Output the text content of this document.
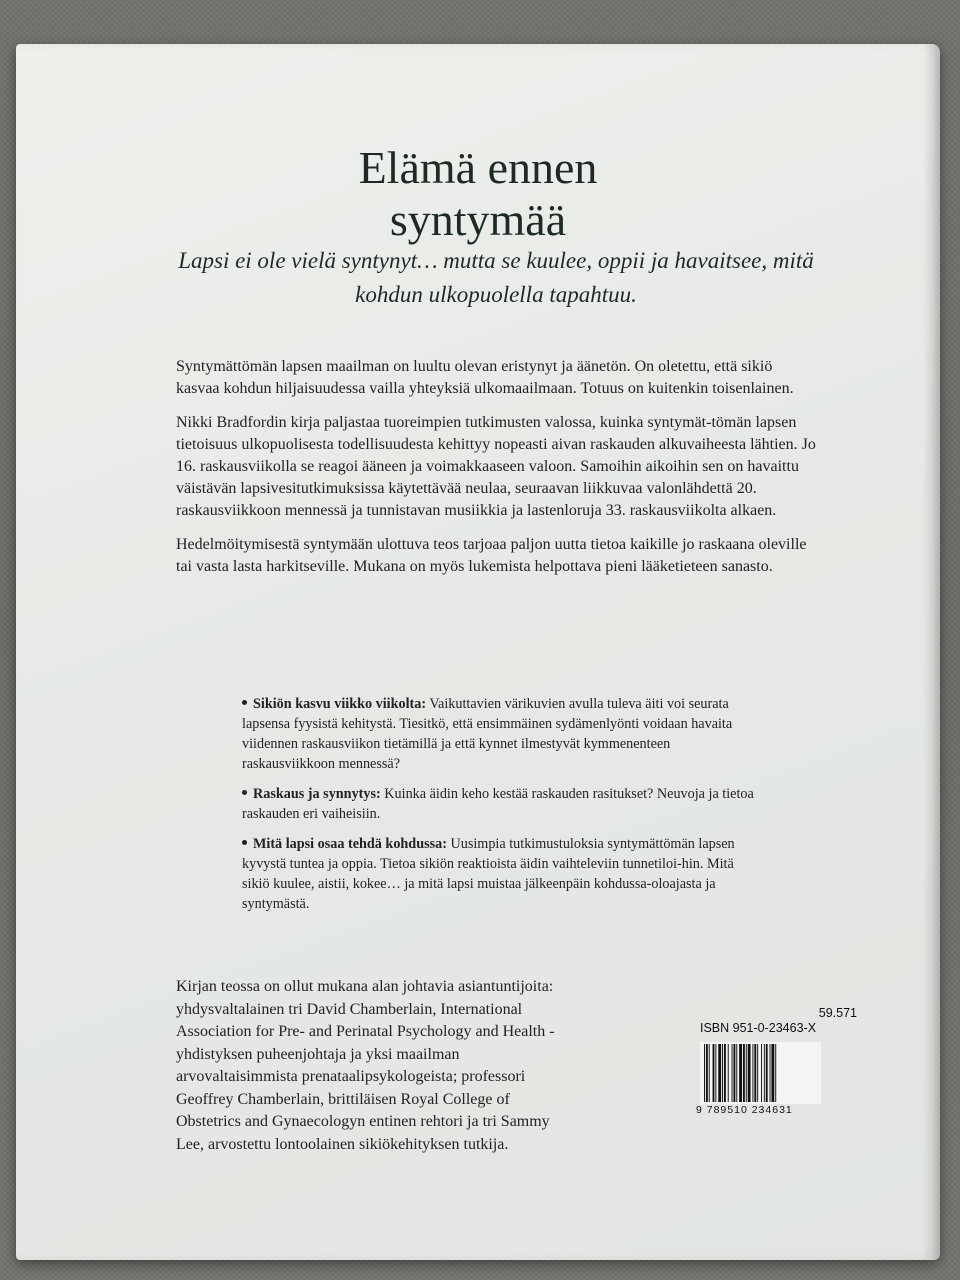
Elämä ennen
syntymää
Lapsi ei ole vielä syntynyt… mutta se kuulee, oppii ja havaitsee, mitä kohdun ulkopuolella tapahtuu.

Syntymättömän lapsen maailman on luultu olevan eristynyt ja äänetön. On oletettu, että sikiö kasvaa kohdun hiljaisuudessa vailla yhteyksiä ulkomaailmaan. Totuus on kuitenkin toisenlainen.

Nikki Bradfordin kirja paljastaa tuoreimpien tutkimusten valossa, kuinka syntymät-tömän lapsen tietoisuus ulkopuolisesta todellisuudesta kehittyy nopeasti aivan raskauden alkuvaiheesta lähtien. Jo 16. raskausviikolla se reagoi ääneen ja voimakkaaseen valoon. Samoihin aikoihin sen on havaittu väistävän lapsivesitutkimuksissa käytettävää neulaa, seuraavan liikkuvaa valonlähdettä 20. raskausviikkoon mennessä ja tunnistavan musiikkia ja lastenloruja 33. raskausviikolta alkaen.

Hedelmöitymisestä syntymään ulottuva teos tarjoaa paljon uutta tietoa kaikille jo raskaana oleville tai vasta lasta harkitseville. Mukana on myös lukemista helpottava pieni lääketieteen sanasto.

Sikiön kasvu viikko viikolta: Vaikuttavien värikuvien avulla tuleva äiti voi seurata lapsensa fyysistä kehitystä. Tiesitkö, että ensimmäinen sydämenlyönti voidaan havaita viidennen raskausviikon tietämillä ja että kynnet ilmestyvät kymmenenteen raskausviikkoon mennessä?

Raskaus ja synnytys: Kuinka äidin keho kestää raskauden rasitukset? Neuvoja ja tietoa raskauden eri vaiheisiin.

Mitä lapsi osaa tehdä kohdussa: Uusimpia tutkimustuloksia syntymättömän lapsen kyvystä tuntea ja oppia. Tietoa sikiön reaktioista äidin vaihteleviin tunnetiloi-hin. Mitä sikiö kuulee, aistii, kokee… ja mitä lapsi muistaa jälkeenpäin kohdussa-oloajasta ja syntymästä.

Kirjan teossa on ollut mukana alan johtavia asiantuntijoita: yhdysvaltalainen tri David Chamberlain, International Association for Pre- and Perinatal Psychology and Health -yhdistyksen puheenjohtaja ja yksi maailman arvovaltaisimmista prenataalipsykologeista; professori Geoffrey Chamberlain, brittiläisen Royal College of Obstetrics and Gynaecologyn entinen rehtori ja tri Sammy Lee, arvostettu lontoolainen sikiökehityksen tutkija.
59.571
ISBN 951-0-23463-X
9 789510 234631
